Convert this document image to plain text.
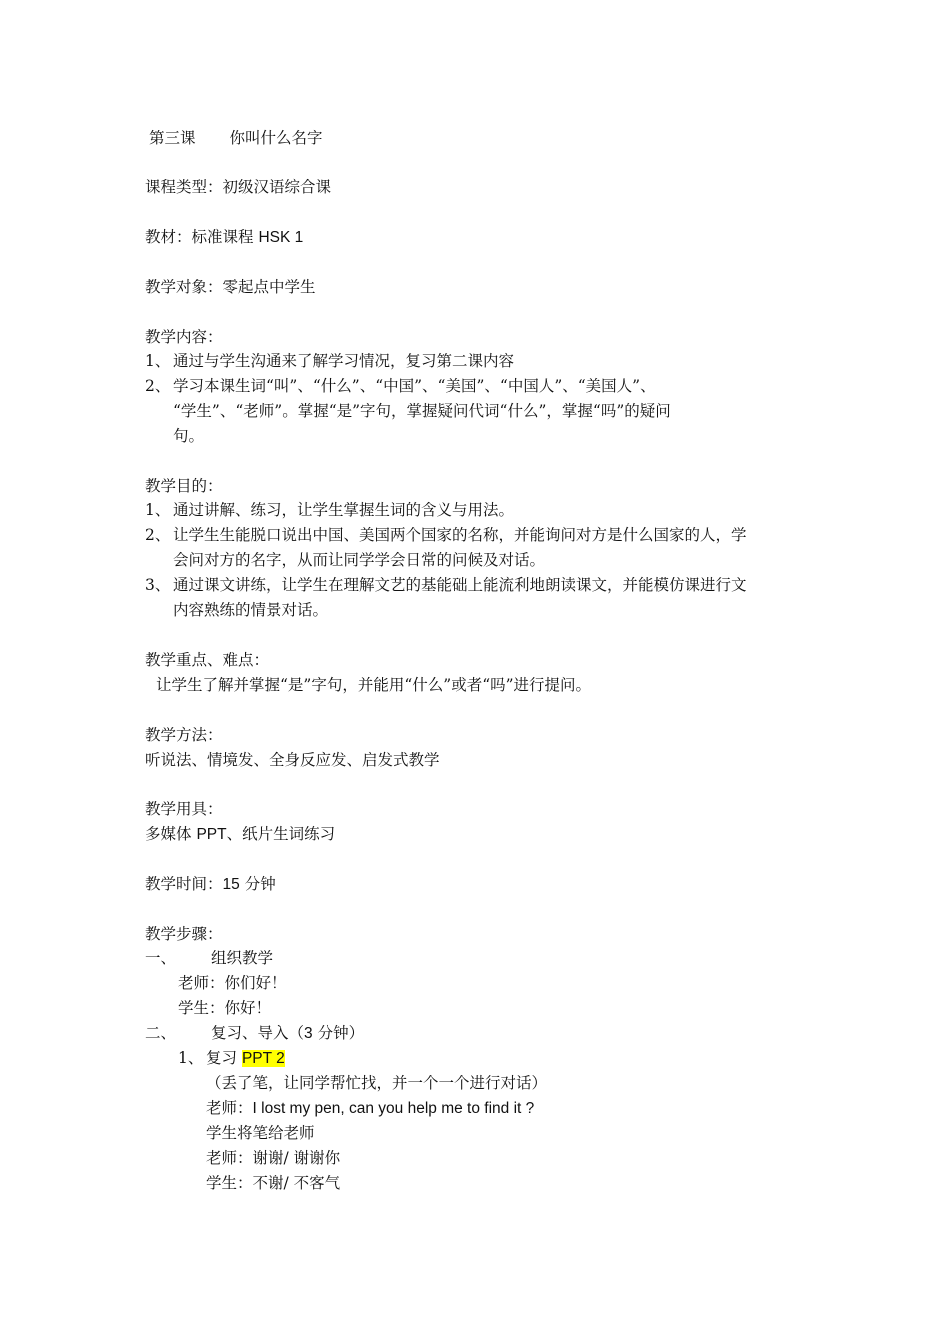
第三课 你叫什么名字
课程类型：初级汉语综合课
教材：标准课程 HSK 1
教学对象：零起点中学生
教学内容：
1、 通过与学生沟通来了解学习情况，复习第二课内容
2、 学习本课生词“叫”、“什么”、“中国”、“美国”、“中国人”、“美国人”、
“学生”、“老师”。掌握“是”字句，掌握疑问代词“什么”，掌握“吗”的疑问
句。
教学目的：
1、 通过讲解、练习，让学生掌握生词的含义与用法。
2、 让学生生能脱口说出中国、美国两个国家的名称，并能询问对方是什么国家的人，学
会问对方的名字，从而让同学学会日常的问候及对话。
3、 通过课文讲练，让学生在理解文艺的基能础上能流利地朗读课文，并能模仿课进行文
内容熟练的情景对话。
教学重点、难点：
让学生了解并掌握“是”字句，并能用“什么”或者“吗”进行提问。
教学方法：
听说法、情境发、全身反应发、启发式教学
教学用具：
多媒体 PPT、纸片生词练习
教学时间：15 分钟
教学步骤：
一、 组织教学
老师：你们好！
学生：你好！
二、 复习、导入（3 分钟）
1、 复习 PPT 2
（丢了笔，让同学帮忙找，并一个一个进行对话）
老师：I lost my pen, can you help me to find it ?
学生将笔给老师
老师：谢谢/ 谢谢你
学生：不谢/ 不客气
